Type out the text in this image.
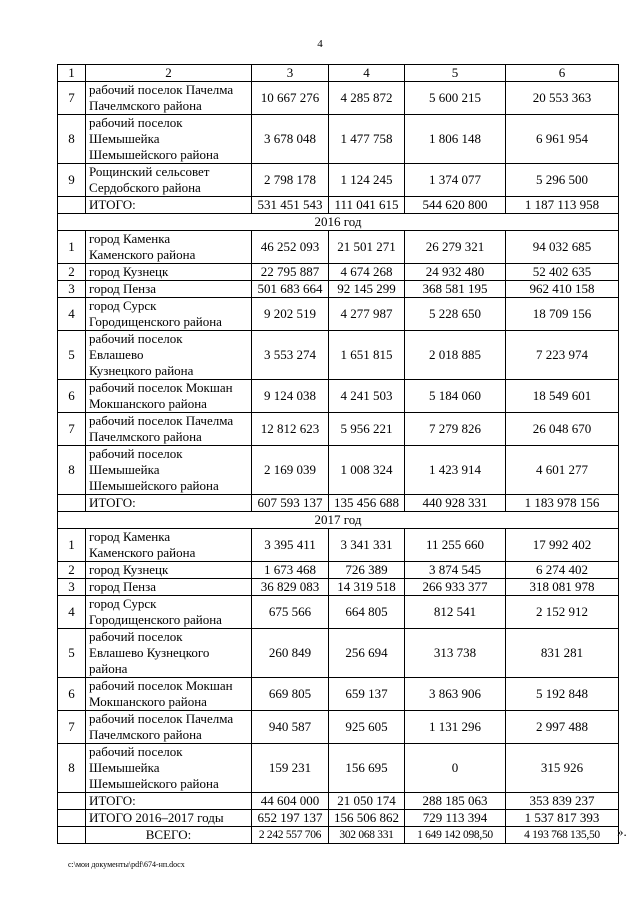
4
1	2	3	4	5	6
7	рабочий поселок Пачелма
Пачелмского района	10 667 276	4 285 872	5 600 215	20 553 363
8	рабочий поселок
Шемышейка
Шемышейского района	3 678 048	1 477 758	1 806 148	6 961 954
9	Рощинский сельсовет
Сердобского района	2 798 178	1 124 245	1 374 077	5 296 500
	ИТОГО:	531 451 543	111 041 615	544 620 800	1 187 113 958
2016 год					
1	город Каменка
Каменского района	46 252 093	21 501 271	26 279 321	94 032 685
2	город Кузнецк	22 795 887	4 674 268	24 932 480	52 402 635
3	город Пенза	501 683 664	92 145 299	368 581 195	962 410 158
4	город Сурск
Городищенского района	9 202 519	4 277 987	5 228 650	18 709 156
5	рабочий поселок
Евлашево
Кузнецкого района	3 553 274	1 651 815	2 018 885	7 223 974
6	рабочий поселок Мокшан
Мокшанского района	9 124 038	4 241 503	5 184 060	18 549 601
7	рабочий поселок Пачелма
Пачелмского района	12 812 623	5 956 221	7 279 826	26 048 670
8	рабочий поселок
Шемышейка
Шемышейского района	2 169 039	1 008 324	1 423 914	4 601 277
	ИТОГО:	607 593 137	135 456 688	440 928 331	1 183 978 156
2017 год					
1	город Каменка
Каменского района	3 395 411	3 341 331	11 255 660	17 992 402
2	город Кузнецк	1 673 468	726 389	3 874 545	6 274 402
3	город Пенза	36 829 083	14 319 518	266 933 377	318 081 978
4	город Сурск
Городищенского района	675 566	664 805	812 541	2 152 912
5	рабочий поселок
Евлашево Кузнецкого
района	260 849	256 694	313 738	831 281
6	рабочий поселок Мокшан
Мокшанского района	669 805	659 137	3 863 906	5 192 848
7	рабочий поселок Пачелма
Пачелмского района	940 587	925 605	1 131 296	2 997 488
8	рабочий поселок
Шемышейка
Шемышейского района	159 231	156 695	0	315 926
	ИТОГО:	44 604 000	21 050 174	288 185 063	353 839 237
	ИТОГО 2016–2017 годы	652 197 137	156 506 862	729 113 394	1 537 817 393
	ВСЕГО:	2 242 557 706	302 068 331	1 649 142 098,50	4 193 768 135,50 ».
c:\мои документы\pdf\674-нп.docx
